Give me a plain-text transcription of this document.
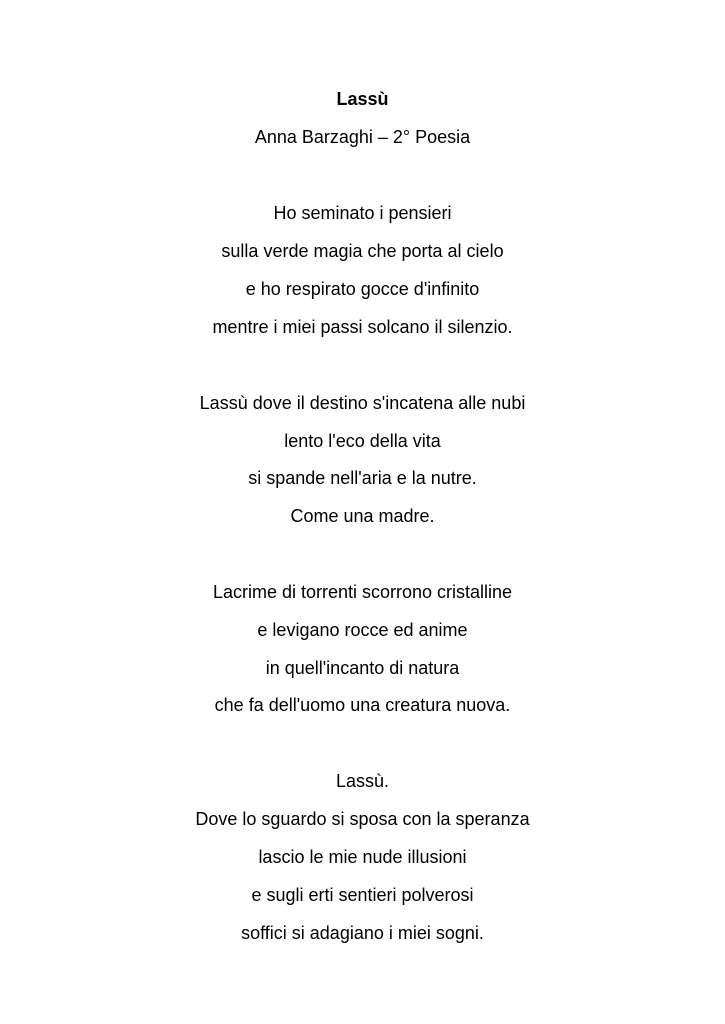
Lassù
Anna Barzaghi – 2° Poesia
Ho seminato i pensieri
sulla verde magia che porta al cielo
e ho respirato gocce d'infinito
mentre i miei passi solcano il silenzio.
Lassù dove il destino s'incatena alle nubi
lento l'eco della vita
si spande nell'aria e la nutre.
Come una madre.
Lacrime di torrenti scorrono cristalline
e levigano rocce ed anime
in quell'incanto di natura
che fa dell'uomo una creatura nuova.
Lassù.
Dove lo sguardo si sposa con la speranza
lascio le mie nude illusioni
e sugli erti sentieri polverosi
soffici si adagiano i miei sogni.
